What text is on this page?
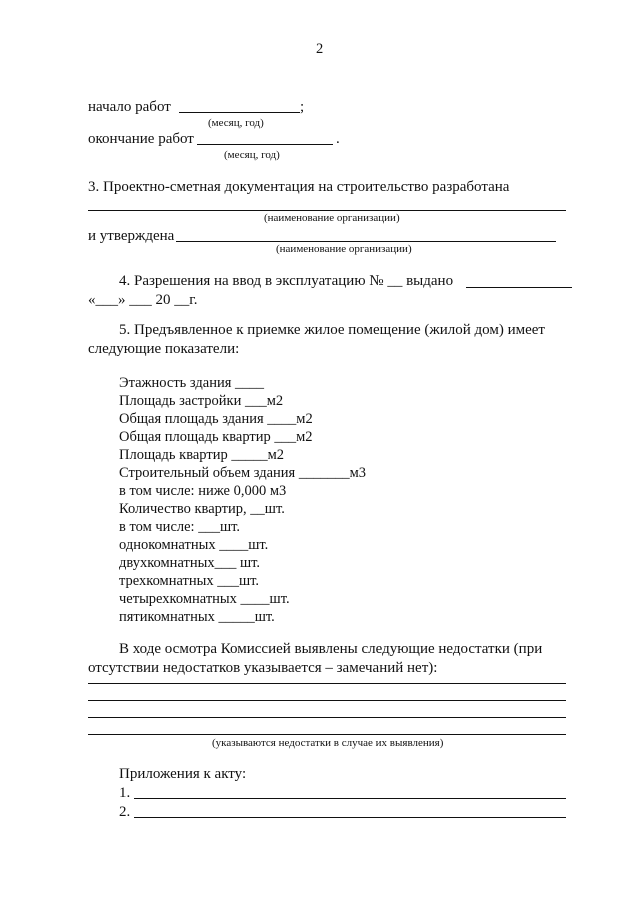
2
начало работ	;
(месяц, год)
окончание работ	.
(месяц, год)
3. Проектно-сметная документация на строительство разработана
(наименование организации)
и утверждена
(наименование организации)
4. Разрешения на ввод в эксплуатацию № __ выдано
«___» ___ 20 __г.
5. Предъявленное к приемке жилое помещение (жилой дом) имеет
следующие показатели:
Этажность здания ____
Площадь застройки ___м2
Общая площадь здания ____м2
Общая площадь квартир ___м2
Площадь квартир _____м2
Строительный объем здания _______м3
в том числе: ниже 0,000 м3
Количество квартир, __шт.
в том числе: ___шт.
однокомнатных ____шт.
двухкомнатных___ шт.
трехкомнатных ___шт.
четырехкомнатных ____шт.
пятикомнатных _____шт.
В ходе осмотра Комиссией выявлены следующие недостатки (при
отсутствии недостатков указывается – замечаний нет):
(указываются недостатки в случае их выявления)
Приложения к акту:
1.
2.
